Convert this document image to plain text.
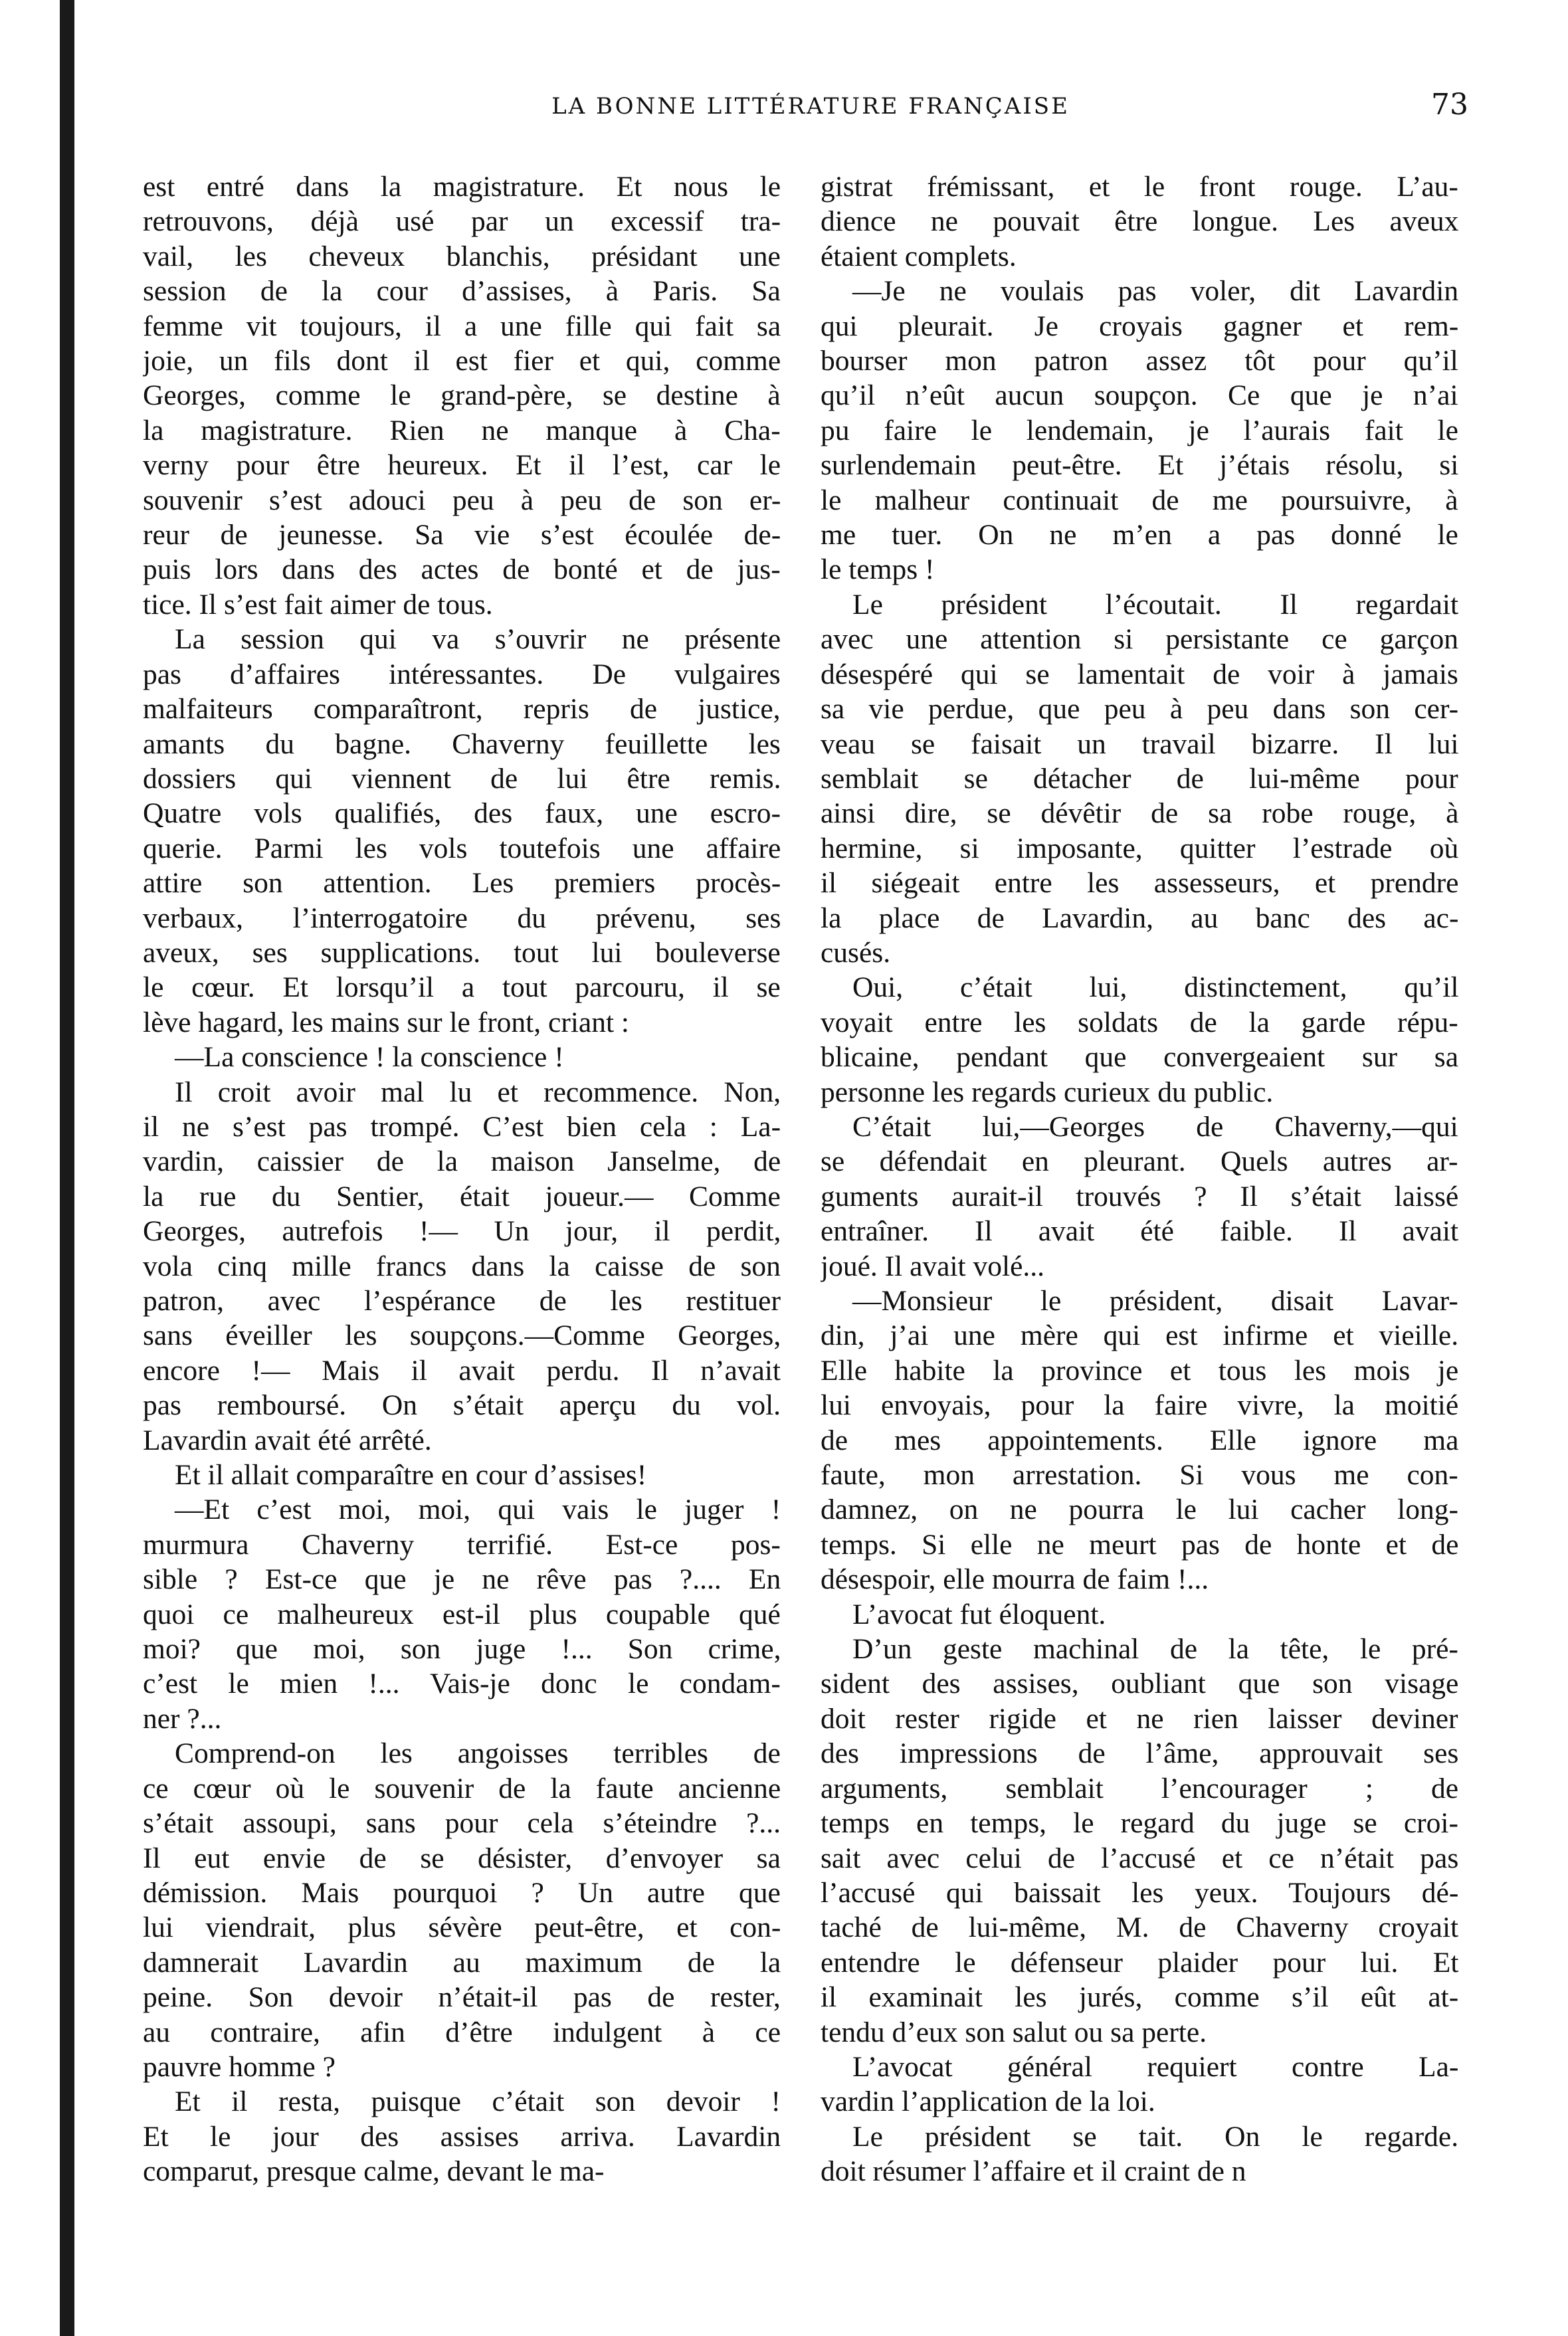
LA BONNE LITTÉRATURE FRANÇAISE	73
est entré dans la magistrature. Et nous le
retrouvons, déjà usé par un excessif tra-
vail, les cheveux blanchis, présidant une
session de la cour d’assises, à Paris. Sa
femme vit toujours, il a une fille qui fait sa
joie, un fils dont il est fier et qui, comme
Georges, comme le grand-père, se destine à
la magistrature. Rien ne manque à Cha-
verny pour être heureux. Et il l’est, car le
souvenir s’est adouci peu à peu de son er-
reur de jeunesse. Sa vie s’est écoulée de-
puis lors dans des actes de bonté et de jus-
tice. Il s’est fait aimer de tous.
La session qui va s’ouvrir ne présente
pas d’affaires intéressantes. De vulgaires
malfaiteurs comparaîtront, repris de justice,
amants du bagne. Chaverny feuillette les
dossiers qui viennent de lui être remis.
Quatre vols qualifiés, des faux, une escro-
querie. Parmi les vols toutefois une affaire
attire son attention. Les premiers procès-
verbaux, l’interrogatoire du prévenu, ses
aveux, ses supplications. tout lui bouleverse
le cœur. Et lorsqu’il a tout parcouru, il se
lève hagard, les mains sur le front, criant :
—La conscience ! la conscience !
Il croit avoir mal lu et recommence. Non,
il ne s’est pas trompé. C’est bien cela : La-
vardin, caissier de la maison Janselme, de
la rue du Sentier, était joueur.— Comme
Georges, autrefois !— Un jour, il perdit,
vola cinq mille francs dans la caisse de son
patron, avec l’espérance de les restituer
sans éveiller les soupçons.—Comme Georges,
encore !— Mais il avait perdu. Il n’avait
pas remboursé. On s’était aperçu du vol.
Lavardin avait été arrêté.
Et il allait comparaître en cour d’assises!
—Et c’est moi, moi, qui vais le juger !
murmura Chaverny terrifié. Est-ce pos-
sible ? Est-ce que je ne rêve pas ?.... En
quoi ce malheureux est-il plus coupable qué
moi? que moi, son juge !... Son crime,
c’est le mien !... Vais-je donc le condam-
ner ?...
Comprend-on les angoisses terribles de
ce cœur où le souvenir de la faute ancienne
s’était assoupi, sans pour cela s’éteindre ?...
Il eut envie de se désister, d’envoyer sa
démission. Mais pourquoi ? Un autre que
lui viendrait, plus sévère peut-être, et con-
damnerait Lavardin au maximum de la
peine. Son devoir n’était-il pas de rester,
au contraire, afin d’être indulgent à ce
pauvre homme ?
Et il resta, puisque c’était son devoir !
Et le jour des assises arriva. Lavardin
comparut, presque calme, devant le ma-
gistrat frémissant, et le front rouge. L’au-
dience ne pouvait être longue. Les aveux
étaient complets.
—Je ne voulais pas voler, dit Lavardin
qui pleurait. Je croyais gagner et rem-
bourser mon patron assez tôt pour qu’il
qu’il n’eût aucun soupçon. Ce que je n’ai
pu faire le lendemain, je l’aurais fait le
surlendemain peut-être. Et j’étais résolu, si
le malheur continuait de me poursuivre, à
me tuer. On ne m’en a pas donné le
le temps !
Le président l’écoutait. Il regardait
avec une attention si persistante ce garçon
désespéré qui se lamentait de voir à jamais
sa vie perdue, que peu à peu dans son cer-
veau se faisait un travail bizarre. Il lui
semblait se détacher de lui-même pour
ainsi dire, se dévêtir de sa robe rouge, à
hermine, si imposante, quitter l’estrade où
il siégeait entre les assesseurs, et prendre
la place de Lavardin, au banc des ac-
cusés.
Oui, c’était lui, distinctement, qu’il
voyait entre les soldats de la garde répu-
blicaine, pendant que convergeaient sur sa
personne les regards curieux du public.
C’était lui,—Georges de Chaverny,—qui
se défendait en pleurant. Quels autres ar-
guments aurait-il trouvés ? Il s’était laissé
entraîner. Il avait été faible. Il avait
joué. Il avait volé...
—Monsieur le président, disait Lavar-
din, j’ai une mère qui est infirme et vieille.
Elle habite la province et tous les mois je
lui envoyais, pour la faire vivre, la moitié
de mes appointements. Elle ignore ma
faute, mon arrestation. Si vous me con-
damnez, on ne pourra le lui cacher long-
temps. Si elle ne meurt pas de honte et de
désespoir, elle mourra de faim !...
L’avocat fut éloquent.
D’un geste machinal de la tête, le pré-
sident des assises, oubliant que son visage
doit rester rigide et ne rien laisser deviner
des impressions de l’âme, approuvait ses
arguments, semblait l’encourager ; de
temps en temps, le regard du juge se croi-
sait avec celui de l’accusé et ce n’était pas
l’accusé qui baissait les yeux. Toujours dé-
taché de lui-même, M. de Chaverny croyait
entendre le défenseur plaider pour lui. Et
il examinait les jurés, comme s’il eût at-
tendu d’eux son salut ou sa perte.
L’avocat général requiert contre La-
vardin l’application de la loi.
Le président se tait. On le regarde.
doit résumer l’affaire et il craint de n
